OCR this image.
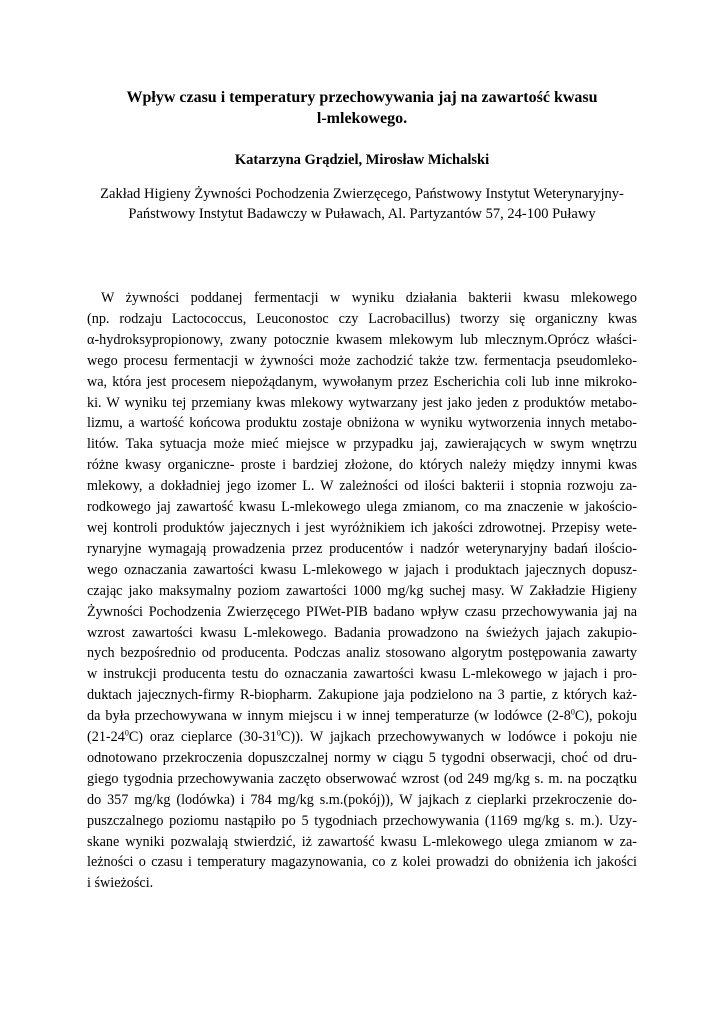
Wpływ czasu i temperatury przechowywania jaj na zawartość kwasu
l-mlekowego.
Katarzyna Grądziel, Mirosław Michalski
Zakład Higieny Żywności Pochodzenia Zwierzęcego, Państwowy Instytut Weterynaryjny-
Państwowy Instytut Badawczy w Puławach, Al. Partyzantów 57, 24-100 Puławy
W żywności poddanej fermentacji w wyniku działania bakterii kwasu mlekowego
(np. rodzaju Lactococcus, Leuconostoc czy Lacrobacillus) tworzy się organiczny kwas
α-hydroksypropionowy, zwany potocznie kwasem mlekowym lub mlecznym.Oprócz właści-
wego procesu fermentacji w żywności może zachodzić także tzw. fermentacja pseudomleko-
wa, która jest procesem niepożądanym, wywołanym przez Escherichia coli lub inne mikroko-
ki. W wyniku tej przemiany kwas mlekowy wytwarzany jest jako jeden z produktów metabo-
lizmu, a wartość końcowa produktu zostaje obniżona w wyniku wytworzenia innych metabo-
litów. Taka sytuacja może mieć miejsce w przypadku jaj, zawierających w swym wnętrzu
różne kwasy organiczne- proste i bardziej złożone, do których należy między innymi kwas
mlekowy, a dokładniej jego izomer L. W zależności od ilości bakterii i stopnia rozwoju za-
rodkowego jaj zawartość kwasu L-mlekowego ulega zmianom, co ma znaczenie w jakościo-
wej kontroli produktów jajecznych i jest wyróżnikiem ich jakości zdrowotnej. Przepisy wete-
rynaryjne wymagają prowadzenia przez producentów i nadzór weterynaryjny badań ilościo-
wego oznaczania zawartości kwasu L-mlekowego w jajach i produktach jajecznych dopusz-
czając jako maksymalny poziom zawartości 1000 mg/kg suchej masy. W Zakładzie Higieny
Żywności Pochodzenia Zwierzęcego PIWet-PIB badano wpływ czasu przechowywania jaj na
wzrost zawartości kwasu L-mlekowego. Badania prowadzono na świeżych jajach zakupio-
nych bezpośrednio od producenta. Podczas analiz stosowano algorytm postępowania zawarty
w instrukcji producenta testu do oznaczania zawartości kwasu L-mlekowego w jajach i pro-
duktach jajecznych-firmy R-biopharm. Zakupione jaja podzielono na 3 partie, z których każ-
da była przechowywana w innym miejscu i w innej temperaturze (w lodówce $(2-8^0C)$, pokoju
$(21-24^0C)$ oraz cieplarce $(30-31^0C)$). W jajkach przechowywanych w lodówce i pokoju nie
odnotowano przekroczenia dopuszczalnej normy w ciągu 5 tygodni obserwacji, choć od dru-
giego tygodnia przechowywania zaczęto obserwować wzrost (od 249 mg/kg s. m. na początku
do 357 mg/kg (lodówka) i 784 mg/kg s.m.(pokój)), W jajkach z cieplarki przekroczenie do-
puszczalnego poziomu nastąpiło po 5 tygodniach przechowywania (1169 mg/kg s. m.). Uzy-
skane wyniki pozwalają stwierdzić, iż zawartość kwasu L-mlekowego ulega zmianom w za-
leżności o czasu i temperatury magazynowania, co z kolei prowadzi do obniżenia ich jakości
i świeżości.
